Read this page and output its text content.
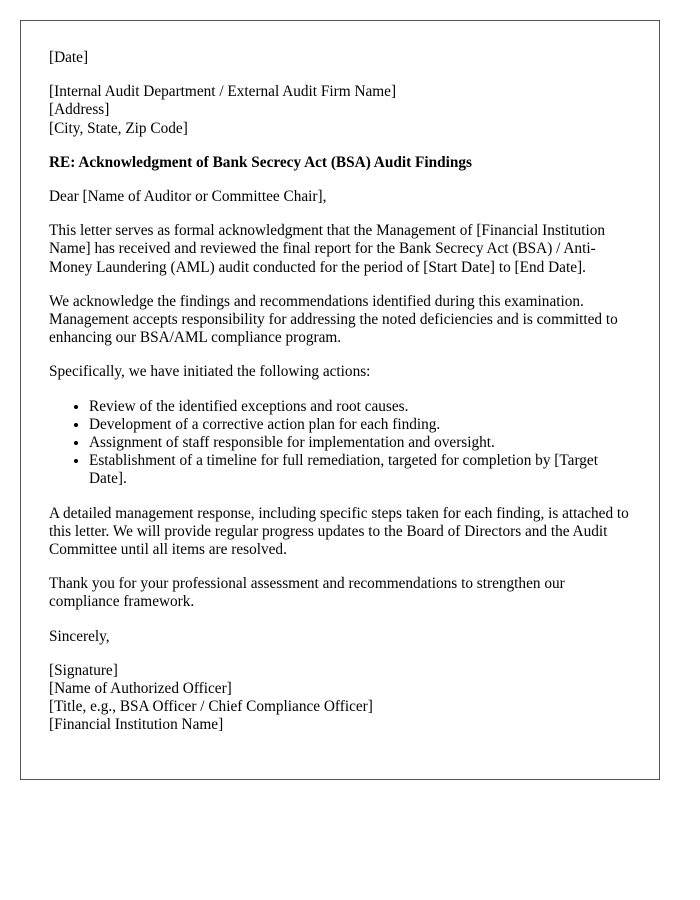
[Date]

[Internal Audit Department / External Audit Firm Name]
[Address]
[City, State, Zip Code]

RE: Acknowledgment of Bank Secrecy Act (BSA) Audit Findings

Dear [Name of Auditor or Committee Chair],

This letter serves as formal acknowledgment that the Management of [Financial Institution Name] has received and reviewed the final report for the Bank Secrecy Act (BSA) / Anti-Money Laundering (AML) audit conducted for the period of [Start Date] to [End Date].

We acknowledge the findings and recommendations identified during this examination. Management accepts responsibility for addressing the noted deficiencies and is committed to enhancing our BSA/AML compliance program.

Specifically, we have initiated the following actions:

• Review of the identified exceptions and root causes.
• Development of a corrective action plan for each finding.
• Assignment of staff responsible for implementation and oversight.
• Establishment of a timeline for full remediation, targeted for completion by [Target Date].

A detailed management response, including specific steps taken for each finding, is attached to this letter. We will provide regular progress updates to the Board of Directors and the Audit Committee until all items are resolved.

Thank you for your professional assessment and recommendations to strengthen our compliance framework.

Sincerely,

[Signature]
[Name of Authorized Officer]
[Title, e.g., BSA Officer / Chief Compliance Officer]
[Financial Institution Name]
